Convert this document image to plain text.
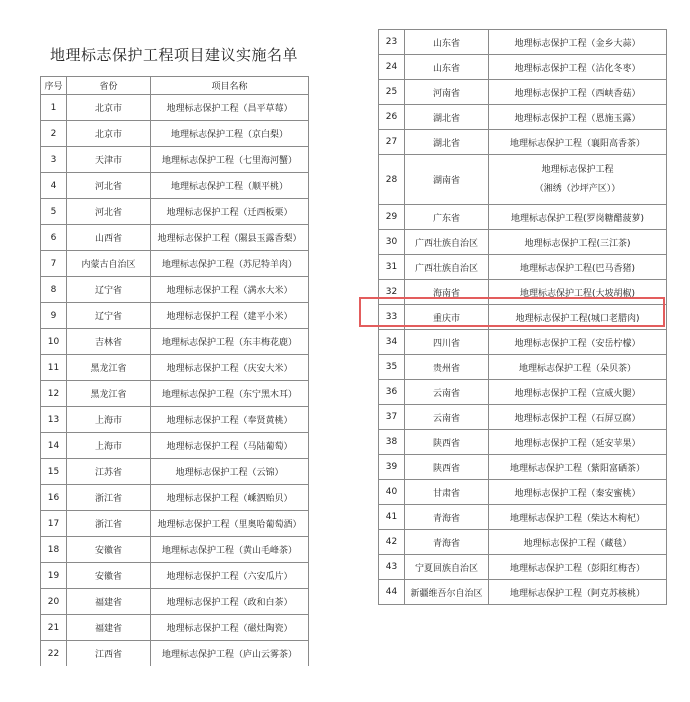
地理标志保护工程项目建议实施名单
序号	省份	项目名称
1	北京市	地理标志保护工程（昌平草莓）
2	北京市	地理标志保护工程（京白梨）
3	天津市	地理标志保护工程（七里海河蟹）
4	河北省	地理标志保护工程（顺平桃）
5	河北省	地理标志保护工程（迁西板栗）
6	山西省	地理标志保护工程（隰县玉露香梨）
7	内蒙古自治区	地理标志保护工程（苏尼特羊肉）
8	辽宁省	地理标志保护工程（满水大米）
9	辽宁省	地理标志保护工程（建平小米）
10	吉林省	地理标志保护工程（东丰梅花鹿）
11	黑龙江省	地理标志保护工程（庆安大米）
12	黑龙江省	地理标志保护工程（东宁黑木耳）
13	上海市	地理标志保护工程（奉贤黄桃）
14	上海市	地理标志保护工程（马陆葡萄）
15	江苏省	地理标志保护工程（云锦）
16	浙江省	地理标志保护工程（嵊泗贻贝）
17	浙江省	地理标志保护工程（里奥哈葡萄酒）
18	安徽省	地理标志保护工程（黄山毛峰茶）
19	安徽省	地理标志保护工程（六安瓜片）
20	福建省	地理标志保护工程（政和白茶）
21	福建省	地理标志保护工程（磁灶陶瓷）
22	江西省	地理标志保护工程（庐山云雾茶）
23	山东省	地理标志保护工程（金乡大蒜）
24	山东省	地理标志保护工程（沾化冬枣）
25	河南省	地理标志保护工程（西峡香菇）
26	湖北省	地理标志保护工程（恩施玉露）
27	湖北省	地理标志保护工程（襄阳高香茶）
28	湖南省	地理标志保护工程
（湘绣（沙坪产区））

29	广东省	地理标志保护工程(罗岗糖醋菠萝)
30	广西壮族自治区	地理标志保护工程(三江茶)
31	广西壮族自治区	地理标志保护工程(巴马香猪)
32	海南省	地理标志保护工程(大坡胡椒)
33	重庆市	地理标志保护工程(城口老腊肉)
34	四川省	地理标志保护工程（安岳柠檬）
35	贵州省	地理标志保护工程（朵贝茶）
36	云南省	地理标志保护工程（宣威火腿）
37	云南省	地理标志保护工程（石屏豆腐）
38	陕西省	地理标志保护工程（延安苹果）
39	陕西省	地理标志保护工程（紫阳富硒茶）
40	甘肃省	地理标志保护工程（秦安蜜桃）
41	青海省	地理标志保护工程（柴达木枸杞）
42	青海省	地理标志保护工程（藏毯）
43	宁夏回族自治区	地理标志保护工程（彭阳红梅杏）
44	新疆维吾尔自治区	地理标志保护工程（阿克苏核桃）
